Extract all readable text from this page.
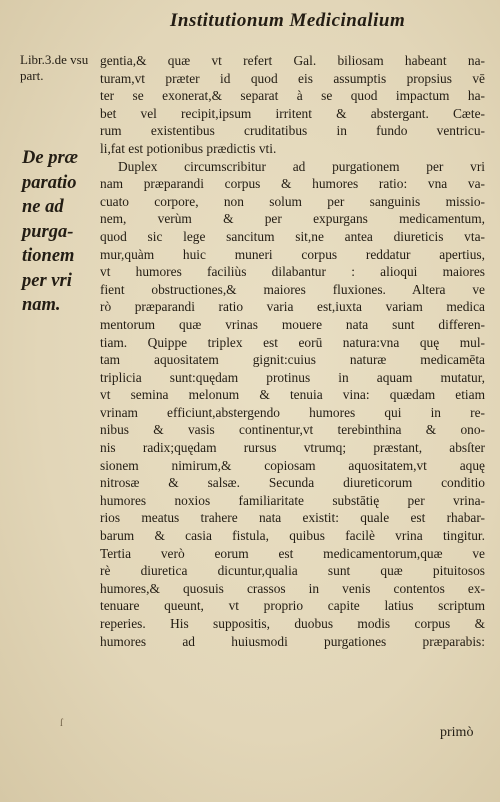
Institutionum Medicinalium
Libr.3.de vsu part.
De præ
paratio
ne ad
purga-
tionem
per vri
nam.
gentia,& quæ vt refert Gal. biliosam habeant na-
turam,vt præter id quod eis assumptis propsius vē
ter se exonerat,& separat à se quod impactum ha-
bet vel recipit,ipsum irritent & abstergant. Cæte-
rum existentibus cruditatibus in fundo ventricu-
li,fat est potionibus prædictis vti.
Duplex circumscribitur ad purgationem per vri
nam præparandi corpus & humores ratio: vna va-
cuato corpore, non solum per sanguinis missio-
nem, verùm & per expurgans medicamentum,
quod sic lege sancitum sit,ne antea diureticis vta-
mur,quàm huic muneri corpus reddatur apertius,
vt humores faciliùs dilabantur : alioqui maiores
fient obstructiones,& maiores fluxiones. Altera ve
rò præparandi ratio varia est,iuxta variam medica
mentorum quæ vrinas mouere nata sunt differen-
tiam. Quippe triplex est eorū natura:vna quę mul-
tam aquositatem gignit:cuius naturæ medicamēta
triplicia sunt:quędam protinus in aquam mutatur,
vt semina melonum & tenuia vina: quædam etiam
vrinam efficiunt,abstergendo humores qui in re-
nibus & vasis continentur,vt terebinthina & ono-
nis radix;quędam rursus vtrumq; præstant, absſter
sionem nimirum,& copiosam aquositatem,vt aquę
nitrosæ & salsæ. Secunda diureticorum conditio
humores noxios familiaritate substātię per vrina-
rios meatus trahere nata existit: quale est rhabar-
barum & casia fistula, quibus facilè vrina tingitur.
Tertia verò eorum est medicamentorum,quæ ve
rè diuretica dicuntur,qualia sunt quæ pituitosos
humores,& quosuis crassos in venis contentos ex-
tenuare queunt, vt proprio capite latius scriptum
reperies. His suppositis, duobus modis corpus &
humores ad huiusmodi purgationes præparabis:
ſ
primò
